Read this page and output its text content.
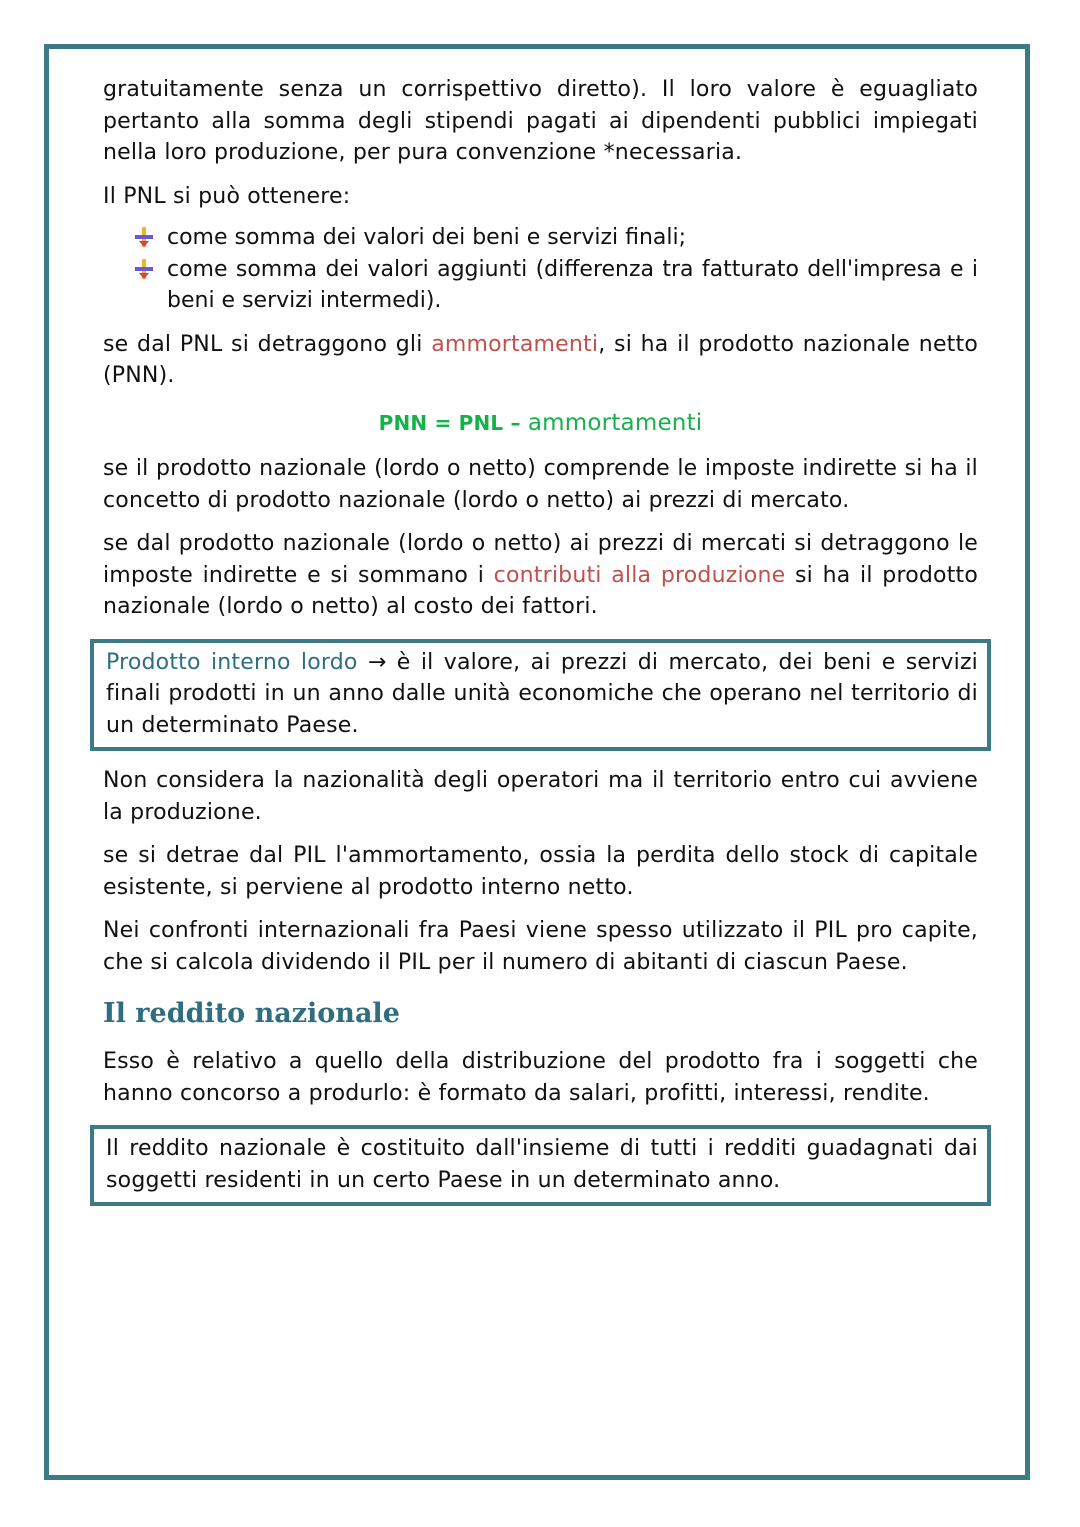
gratuitamente senza un corrispettivo diretto). Il loro valore è eguagliato pertanto alla somma degli stipendi pagati ai dipendenti pubblici impiegati nella loro produzione, per pura convenzione *necessaria.

Il PNL si può ottenere:

come somma dei valori dei beni e servizi finali;
come somma dei valori aggiunti (differenza tra fatturato dell'impresa e i beni e servizi intermedi).

se dal PNL si detraggono gli ammortamenti, si ha il prodotto nazionale netto (PNN).

PNN = PNL – ammortamenti

se il prodotto nazionale (lordo o netto) comprende le imposte indirette si ha il concetto di prodotto nazionale (lordo o netto) ai prezzi di mercato.

se dal prodotto nazionale (lordo o netto) ai prezzi di mercati si detraggono le imposte indirette e si sommano i contributi alla produzione si ha il prodotto nazionale (lordo o netto) al costo dei fattori.

Prodotto interno lordo → è il valore, ai prezzi di mercato, dei beni e servizi finali prodotti in un anno dalle unità economiche che operano nel territorio di un determinato Paese.

Non considera la nazionalità degli operatori ma il territorio entro cui avviene la produzione.

se si detrae dal PIL l'ammortamento, ossia la perdita dello stock di capitale esistente, si perviene al prodotto interno netto.

Nei confronti internazionali fra Paesi viene spesso utilizzato il PIL pro capite, che si calcola dividendo il PIL per il numero di abitanti di ciascun Paese.

Il reddito nazionale

Esso è relativo a quello della distribuzione del prodotto fra i soggetti che hanno concorso a produrlo: è formato da salari, profitti, interessi, rendite.

Il reddito nazionale è costituito dall'insieme di tutti i redditi guadagnati dai soggetti residenti in un certo Paese in un determinato anno.
